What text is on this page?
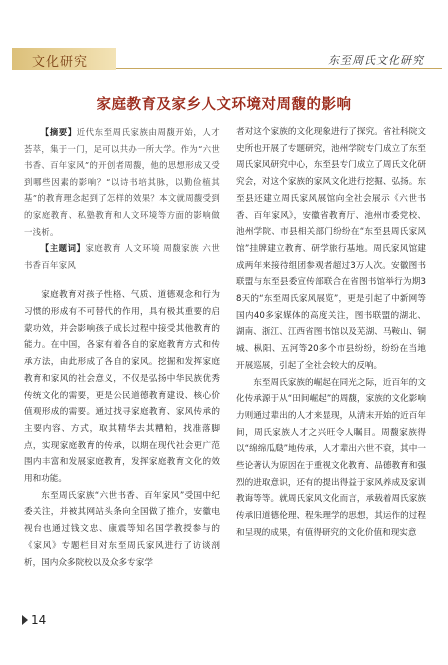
文化研究	东至周氏文化研究
家庭教育及家乡人文环境对周馥的影响

【摘要】近代东至周氏家族由周馥开始，人才荟萃，集于一门，足可以共办一所大学。作为“六世书香、百年家风”的开创者周馥，他的思想形成又受到哪些因素的影响？“以诗书培其脉，以勤俭植其基”的教育理念起到了怎样的效果？本文就周馥受到的家庭教育、私塾教育和人文环境等方面的影响做一浅析。

【主题词】家庭教育 人文环境 周馥家族 六世书香百年家风

家庭教育对孩子性格、气质、道德观念和行为习惯的形成有不可替代的作用，具有极其重要的启蒙功效，并会影响孩子成长过程中接受其他教育的能力。在中国，各家有着各自的家庭教育方式和传承方法，由此形成了各自的家风。挖掘和发挥家庭教育和家风的社会意义，不仅是弘扬中华民族优秀传统文化的需要，更是公民道德教育建设、核心价值观形成的需要。通过找寻家庭教育、家风传承的主要内容、方式，取其精华去其糟粕，找准落脚点，实现家庭教育的传承，以期在现代社会更广范围内丰富和发展家庭教育，发挥家庭教育文化的效用和功能。

东至周氏家族“六世书香、百年家风”受国中纪委关注，并被其网站头条向全国做了推介，安徽电视台也通过钱文忠、康震等知名国学教授参与的《家风》专题栏目对东至周氏家风进行了访谈剖析，国内众多院校以及众多专家学

者对这个家族的文化现象进行了探究。省社科院文史所也开展了专题研究，池州学院专门成立了东至周氏家风研究中心，东至县专门成立了周氏文化研究会，对这个家族的家风文化进行挖掘、弘扬。东至县还建立周氏家风展馆向全社会展示《六世书香、百年家风》，安徽省教育厅、池州市委党校、池州学院、市县相关部门纷纷在“东至县周氏家风馆”挂牌建立教育、研学旅行基地。周氏家风馆建成两年来接待组团参观者超过3万人次。安徽图书联盟与东至县委宣传部联合在省图书馆举行为期38天的“东至周氏家风展览”，更是引起了中新网等国内40多家媒体的高度关注，图书联盟的湖北、湖南、浙江、江西省图书馆以及芜湖、马鞍山、铜城、枞阳、五河等20多个市县纷纷，纷纷在当地开展巡展，引起了全社会较大的反响。

东至周氏家族的崛起在同光之际，近百年的文化传承源于从“田间崛起”的周馥，家族的文化影响力则通过辈出的人才来显现，从清末开始的近百年间，周氏家族人才之兴旺令人瞩目。周馥家族得以“绵绵瓜瓞”地传承，人才辈出六世不衰，其中一些论著认为原因在于重视文化教育、品德教育和强烈的进取意识，还有的提出得益于家风养成及家训教诲等等。就周氏家风文化而言，承载着周氏家族传承旧道德伦理、程朱理学的思想，其运作的过程和呈现的成果，有值得研究的文化价值和现实意

14
